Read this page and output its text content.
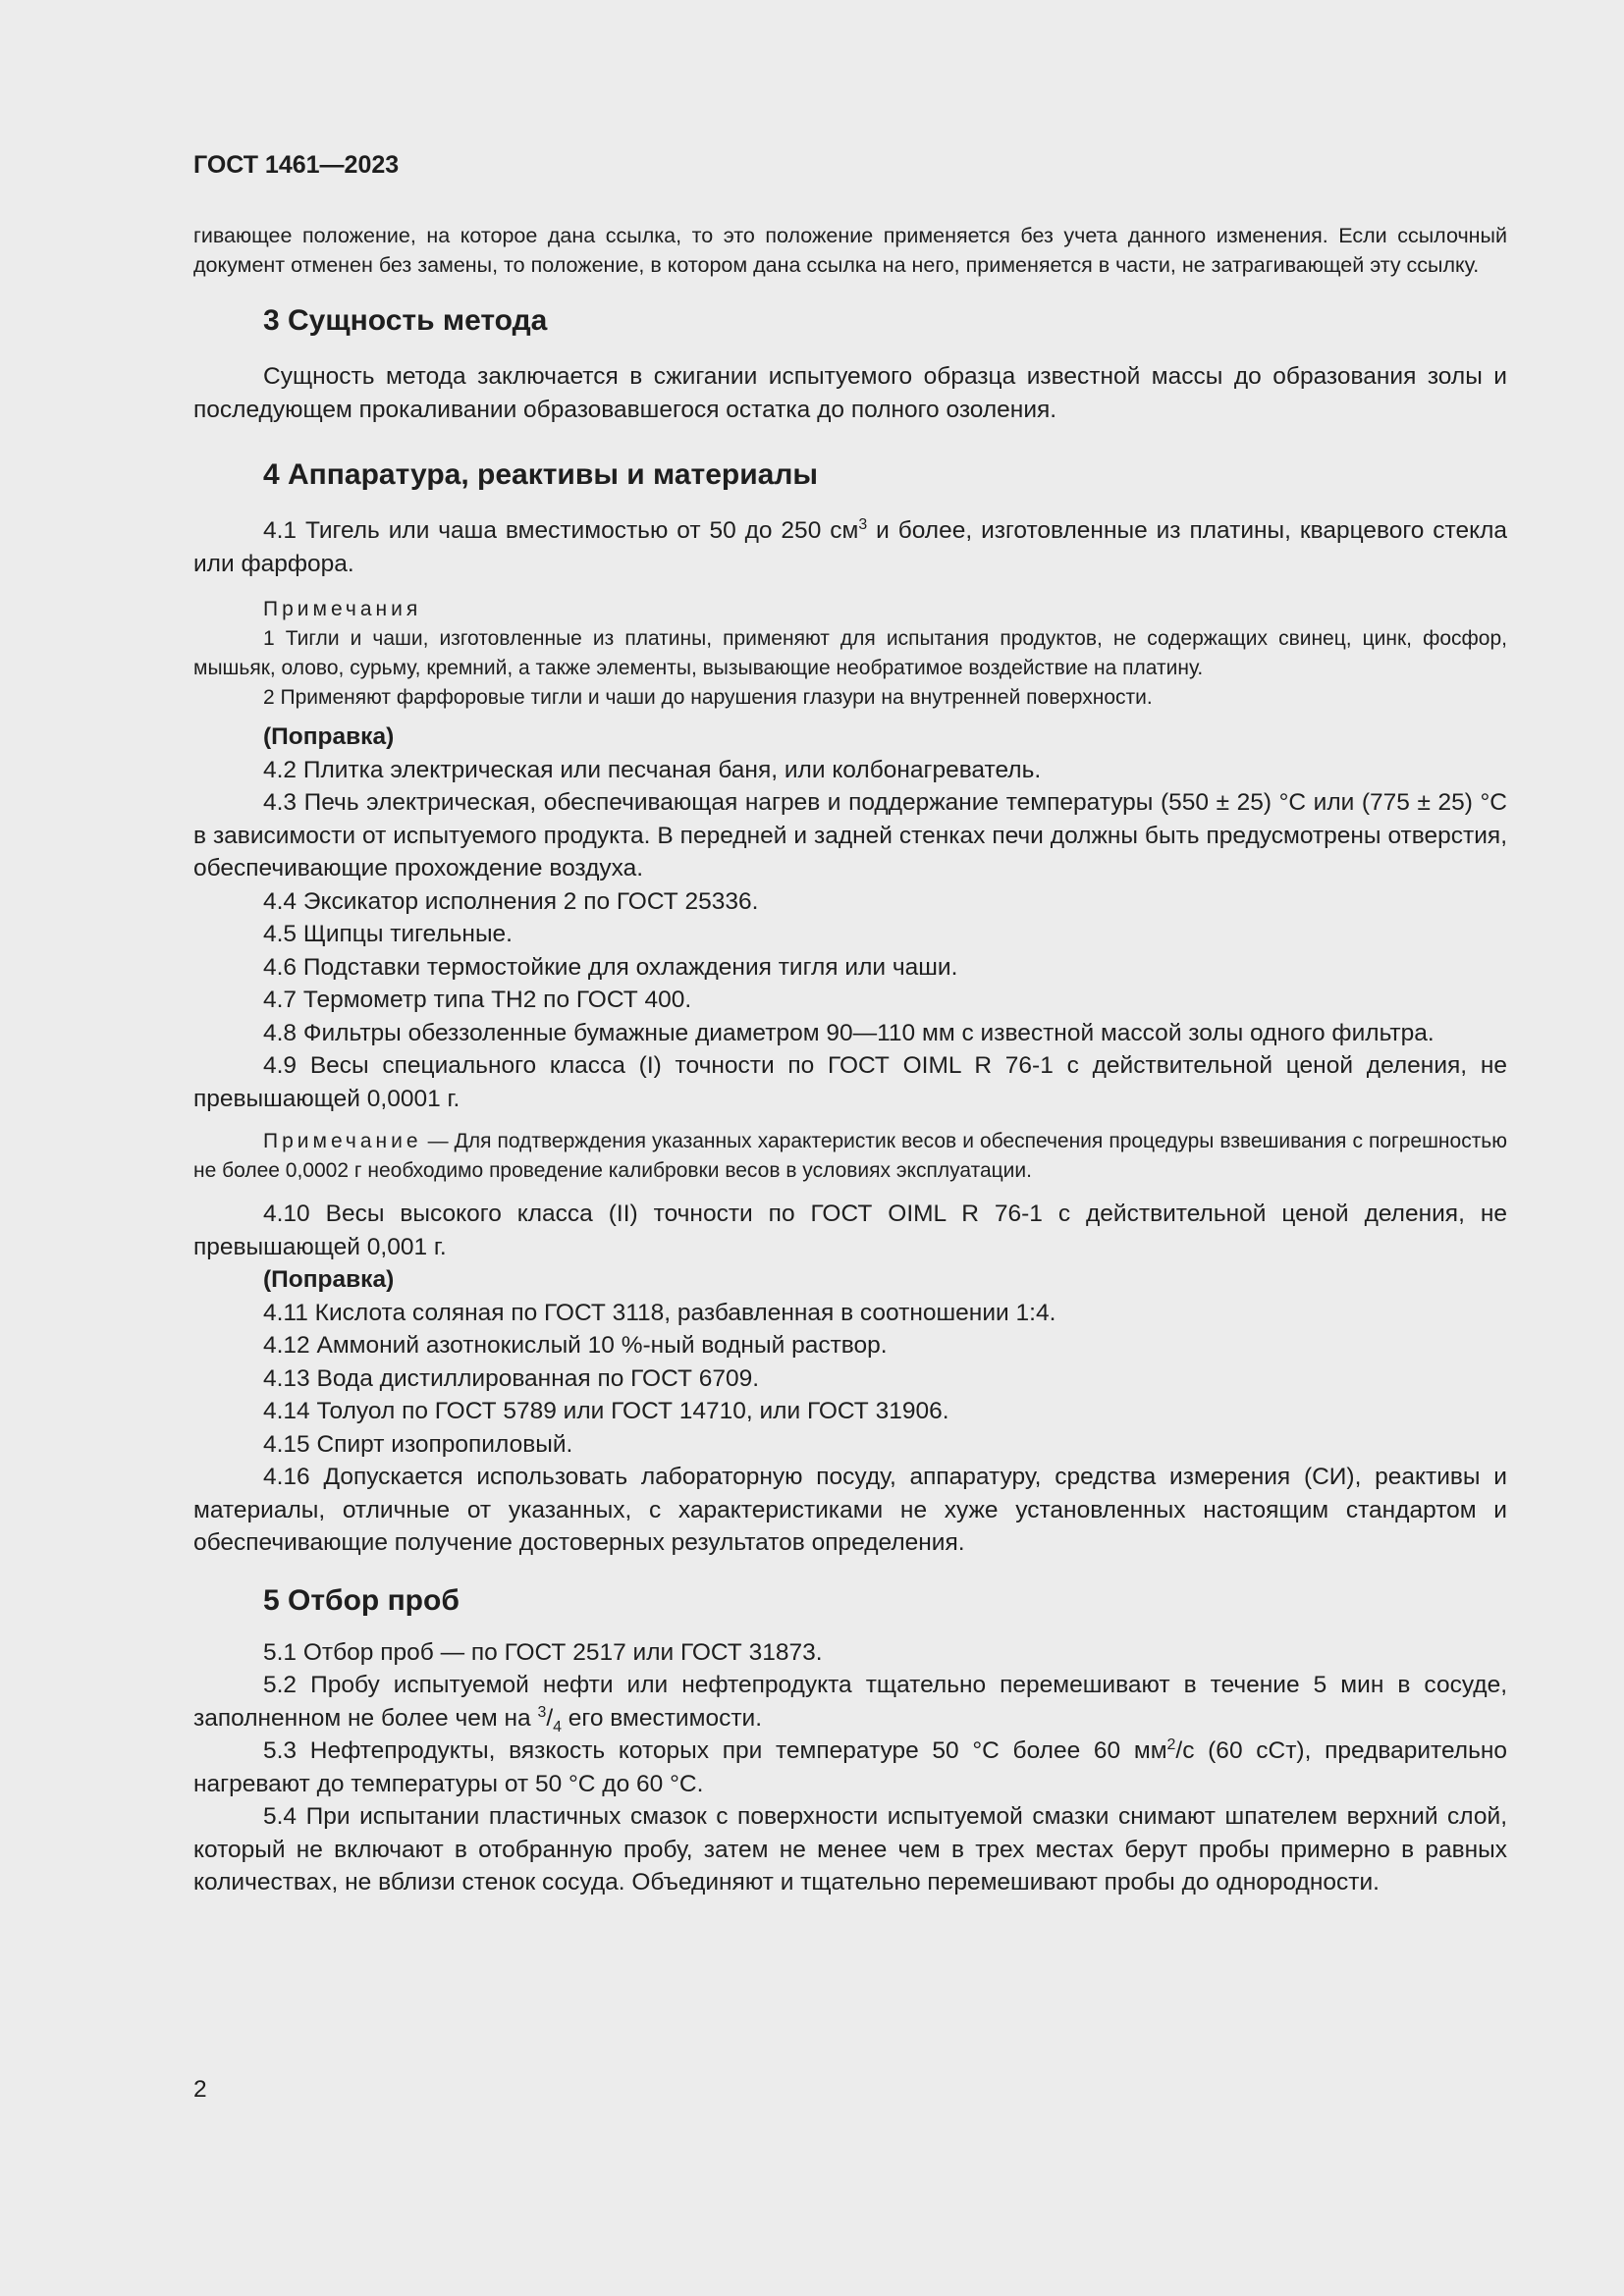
ГОСТ 1461—2023

гивающее положение, на которое дана ссылка, то это положение применяется без учета данного изменения. Если ссылочный документ отменен без замены, то положение, в котором дана ссылка на него, применяется в части, не затрагивающей эту ссылку.

3 Сущность метода

Сущность метода заключается в сжигании испытуемого образца известной массы до образования золы и последующем прокаливании образовавшегося остатка до полного озоления.

4 Аппаратура, реактивы и материалы

4.1 Тигель или чаша вместимостью от 50 до 250 $см^3$ и более, изготовленные из платины, кварцевого стекла или фарфора.

Примечания

1 Тигли и чаши, изготовленные из платины, применяют для испытания продуктов, не содержащих свинец, цинк, фосфор, мышьяк, олово, сурьму, кремний, а также элементы, вызывающие необратимое воздействие на платину.

2 Применяют фарфоровые тигли и чаши до нарушения глазури на внутренней поверхности.

(Поправка)

4.2 Плитка электрическая или песчаная баня, или колбонагреватель.

4.3 Печь электрическая, обеспечивающая нагрев и поддержание температуры (550 ± 25) °С или (775 ± 25) °С в зависимости от испытуемого продукта. В передней и задней стенках печи должны быть предусмотрены отверстия, обеспечивающие прохождение воздуха.

4.4 Эксикатор исполнения 2 по ГОСТ 25336.

4.5 Щипцы тигельные.

4.6 Подставки термостойкие для охлаждения тигля или чаши.

4.7 Термометр типа ТН2 по ГОСТ 400.

4.8 Фильтры обеззоленные бумажные диаметром 90—110 мм с известной массой золы одного фильтра.

4.9 Весы специального класса (I) точности по ГОСТ OIML R 76-1 с действительной ценой деления, не превышающей 0,0001 г.

Примечание — Для подтверждения указанных характеристик весов и обеспечения процедуры взвешивания с погрешностью не более 0,0002 г необходимо проведение калибровки весов в условиях эксплуатации.

4.10 Весы высокого класса (II) точности по ГОСТ OIML R 76-1 с действительной ценой деления, не превышающей 0,001 г.

(Поправка)

4.11 Кислота соляная по ГОСТ 3118, разбавленная в соотношении 1:4.

4.12 Аммоний азотнокислый 10 %-ный водный раствор.

4.13 Вода дистиллированная по ГОСТ 6709.

4.14 Толуол по ГОСТ 5789 или ГОСТ 14710, или ГОСТ 31906.

4.15 Спирт изопропиловый.

4.16 Допускается использовать лабораторную посуду, аппаратуру, средства измерения (СИ), реактивы и материалы, отличные от указанных, с характеристиками не хуже установленных настоящим стандартом и обеспечивающие получение достоверных результатов определения.

5 Отбор проб

5.1 Отбор проб — по ГОСТ 2517 или ГОСТ 31873.

5.2 Пробу испытуемой нефти или нефтепродукта тщательно перемешивают в течение 5 мин в сосуде, заполненном не более чем на $^3/_4$ его вместимости.

5.3 Нефтепродукты, вязкость которых при температуре 50 °С более 60 $мм^2/с$ (60 сСт), предварительно нагревают до температуры от 50 °С до 60 °С.

5.4 При испытании пластичных смазок с поверхности испытуемой смазки снимают шпателем верхний слой, который не включают в отобранную пробу, затем не менее чем в трех местах берут пробы примерно в равных количествах, не вблизи стенок сосуда. Объединяют и тщательно перемешивают пробы до однородности.

2
